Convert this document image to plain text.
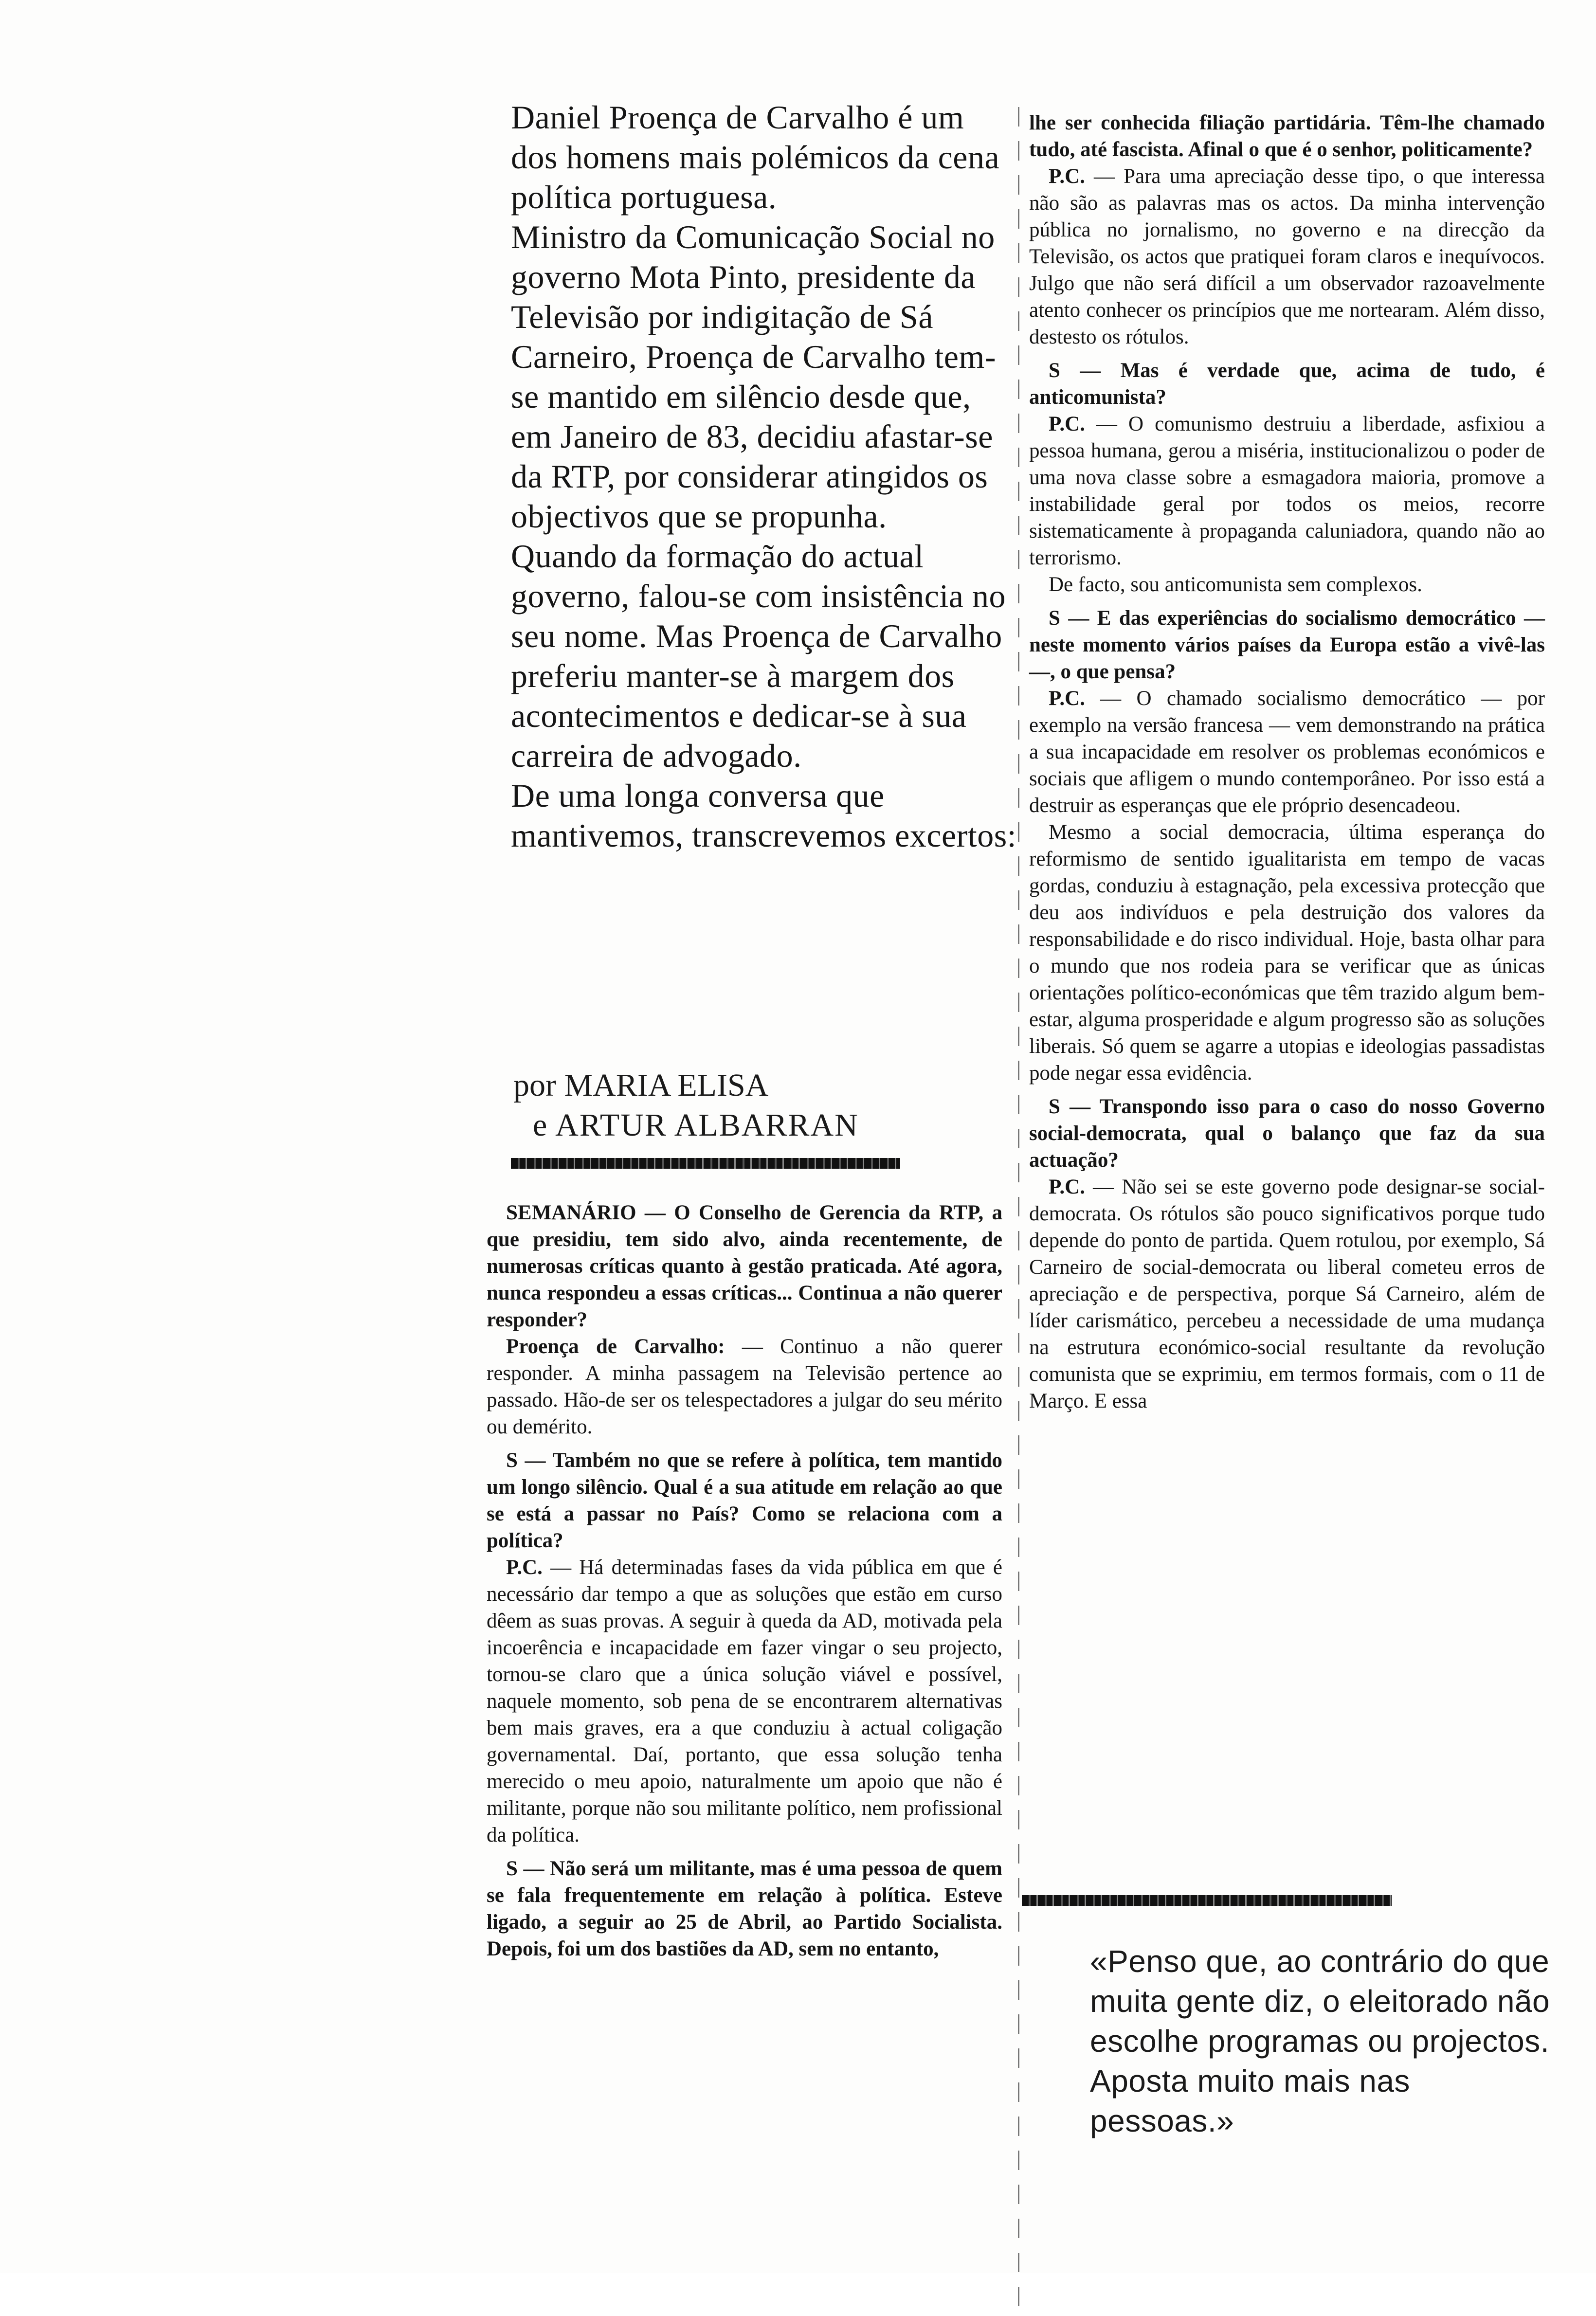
Daniel Proença de Carvalho é um dos homens mais polémicos da cena política portuguesa.

Ministro da Comunicação Social no governo Mota Pinto, presidente da Televisão por indigitação de Sá Carneiro, Proença de Carvalho tem-se mantido em silêncio desde que, em Janeiro de 83, decidiu afastar-se da RTP, por considerar atingidos os objectivos que se propunha.

Quando da formação do actual governo, falou-se com insistência no seu nome. Mas Proença de Carvalho preferiu manter-se à margem dos acontecimentos e dedicar-se à sua carreira de advogado.

De uma longa conversa que mantivemos, transcrevemos excertos:

por MARIA ELISA
e ARTUR ALBARRAN

SEMANÁRIO — O Conselho de Gerencia da RTP, a que presidiu, tem sido alvo, ainda recentemente, de numerosas críticas quanto à gestão praticada. Até agora, nunca respondeu a essas críticas... Continua a não querer responder?

Proença de Carvalho: — Continuo a não querer responder. A minha passagem na Televisão pertence ao passado. Hão-de ser os telespectadores a julgar do seu mérito ou demérito.

S — Também no que se refere à política, tem mantido um longo silêncio. Qual é a sua atitude em relação ao que se está a passar no País? Como se relaciona com a política?

P.C. — Há determinadas fases da vida pública em que é necessário dar tempo a que as soluções que estão em curso dêem as suas provas. A seguir à queda da AD, motivada pela incoerência e incapacidade em fazer vingar o seu projecto, tornou-se claro que a única solução viável e possível, naquele momento, sob pena de se encontrarem alternativas bem mais graves, era a que conduziu à actual coligação governamental. Daí, portanto, que essa solução tenha merecido o meu apoio, naturalmente um apoio que não é militante, porque não sou militante político, nem profissional da política.

S — Não será um militante, mas é uma pessoa de quem se fala frequentemente em relação à política. Esteve ligado, a seguir ao 25 de Abril, ao Partido Socialista. Depois, foi um dos bastiões da AD, sem no entanto,

lhe ser conhecida filiação partidária. Têm-lhe chamado tudo, até fascista. Afinal o que é o senhor, politicamente?

P.C. — Para uma apreciação desse tipo, o que interessa não são as palavras mas os actos. Da minha intervenção pública no jornalismo, no governo e na direcção da Televisão, os actos que pratiquei foram claros e inequívocos. Julgo que não será difícil a um observador razoavelmente atento conhecer os princípios que me nortearam. Além disso, destesto os rótulos.

S — Mas é verdade que, acima de tudo, é anticomunista?

P.C. — O comunismo destruiu a liberdade, asfixiou a pessoa humana, gerou a miséria, institucionalizou o poder de uma nova classe sobre a esmagadora maioria, promove a instabilidade geral por todos os meios, recorre sistematicamente à propaganda caluniadora, quando não ao terrorismo.

De facto, sou anticomunista sem complexos.

S — E das experiências do socialismo democrático — neste momento vários países da Europa estão a vivê-las —, o que pensa?

P.C. — O chamado socialismo democrático — por exemplo na versão francesa — vem demonstrando na prática a sua incapacidade em resolver os problemas económicos e sociais que afligem o mundo contemporâneo. Por isso está a destruir as esperanças que ele próprio desencadeou.

Mesmo a social democracia, última esperança do reformismo de sentido igualitarista em tempo de vacas gordas, conduziu à estagnação, pela excessiva protecção que deu aos indivíduos e pela destruição dos valores da responsabilidade e do risco individual. Hoje, basta olhar para o mundo que nos rodeia para se verificar que as únicas orientações político-económicas que têm trazido algum bem-estar, alguma prosperidade e algum progresso são as soluções liberais. Só quem se agarre a utopias e ideologias passadistas pode negar essa evidência.

S — Transpondo isso para o caso do nosso Governo social-democrata, qual o balanço que faz da sua actuação?

P.C. — Não sei se este governo pode designar-se social-democrata. Os rótulos são pouco significativos porque tudo depende do ponto de partida. Quem rotulou, por exemplo, Sá Carneiro de social-democrata ou liberal cometeu erros de apreciação e de perspectiva, porque Sá Carneiro, além de líder carismático, percebeu a necessidade de uma mudança na estrutura económico-social resultante da revolução comunista que se exprimiu, em termos formais, com o 11 de Março. E essa

«Penso que, ao contrário do que muita gente diz, o eleitorado não escolhe programas ou projectos. Aposta muito mais nas pessoas.»
